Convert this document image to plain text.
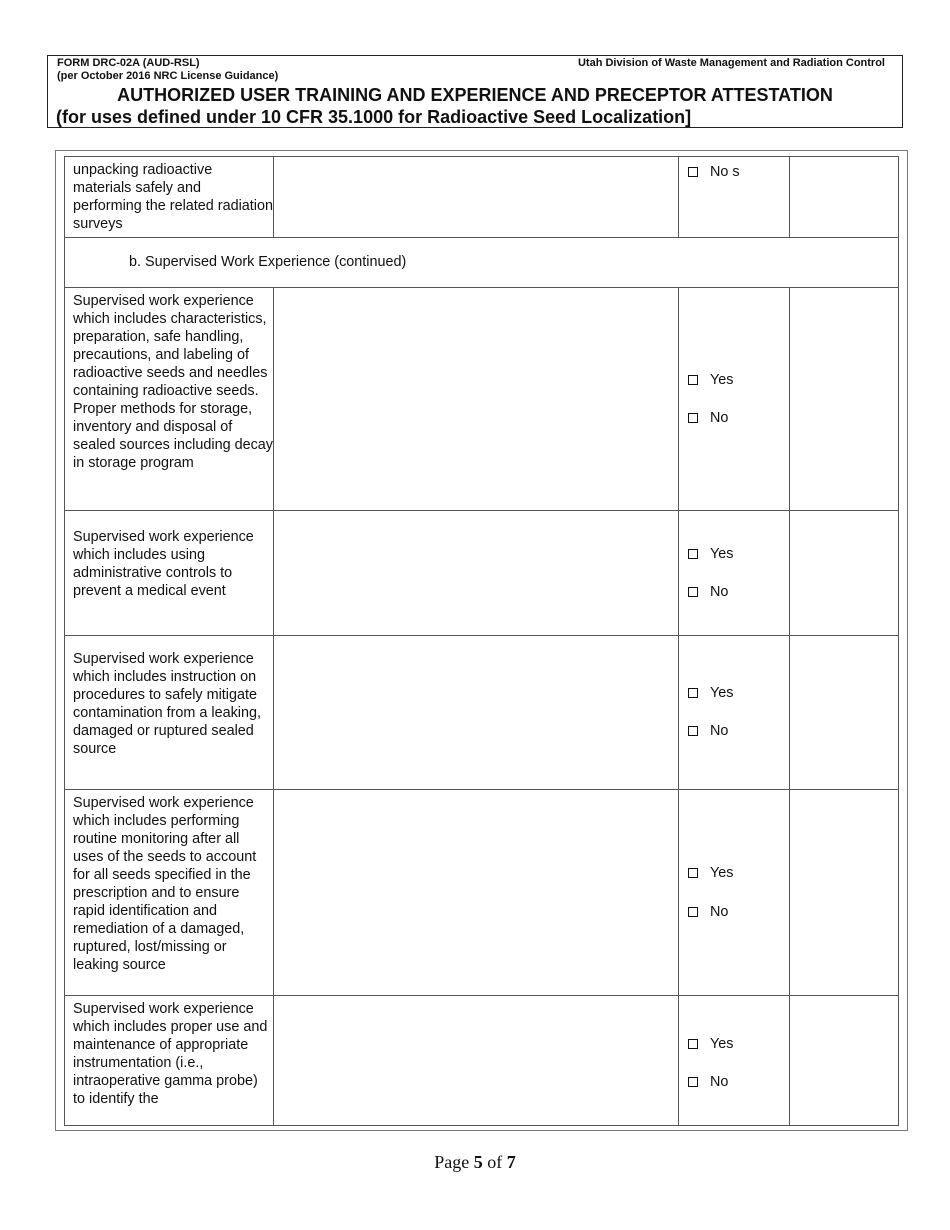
FORM DRC-02A (AUD-RSL)
(per October 2016 NRC License Guidance)
Utah Division of Waste Management and Radiation Control
AUTHORIZED USER TRAINING AND EXPERIENCE AND PRECEPTOR ATTESTATION
(for uses defined under 10 CFR 35.1000 for Radioactive Seed Localization]
unpacking radioactive materials safely and performing the related radiation surveys
No s
b. Supervised Work Experience (continued)
Supervised work experience which includes characteristics, preparation, safe handling, precautions, and labeling of radioactive seeds and needles containing radioactive seeds. Proper methods for storage, inventory and disposal of sealed sources including decay in storage program
Yes
No
Supervised work experience which includes using administrative controls to prevent a medical event
Yes
No
Supervised work experience which includes instruction on procedures to safely mitigate contamination from a leaking, damaged or ruptured sealed source
Yes
No
Supervised work experience which includes performing routine monitoring after all uses of the seeds to account for all seeds specified in the prescription and to ensure rapid identification and remediation of a damaged, ruptured, lost/missing or leaking source
Yes
No
Supervised work experience which includes proper use and maintenance of appropriate instrumentation (i.e., intraoperative gamma probe) to identify the
Yes
No
Page 5 of 7
